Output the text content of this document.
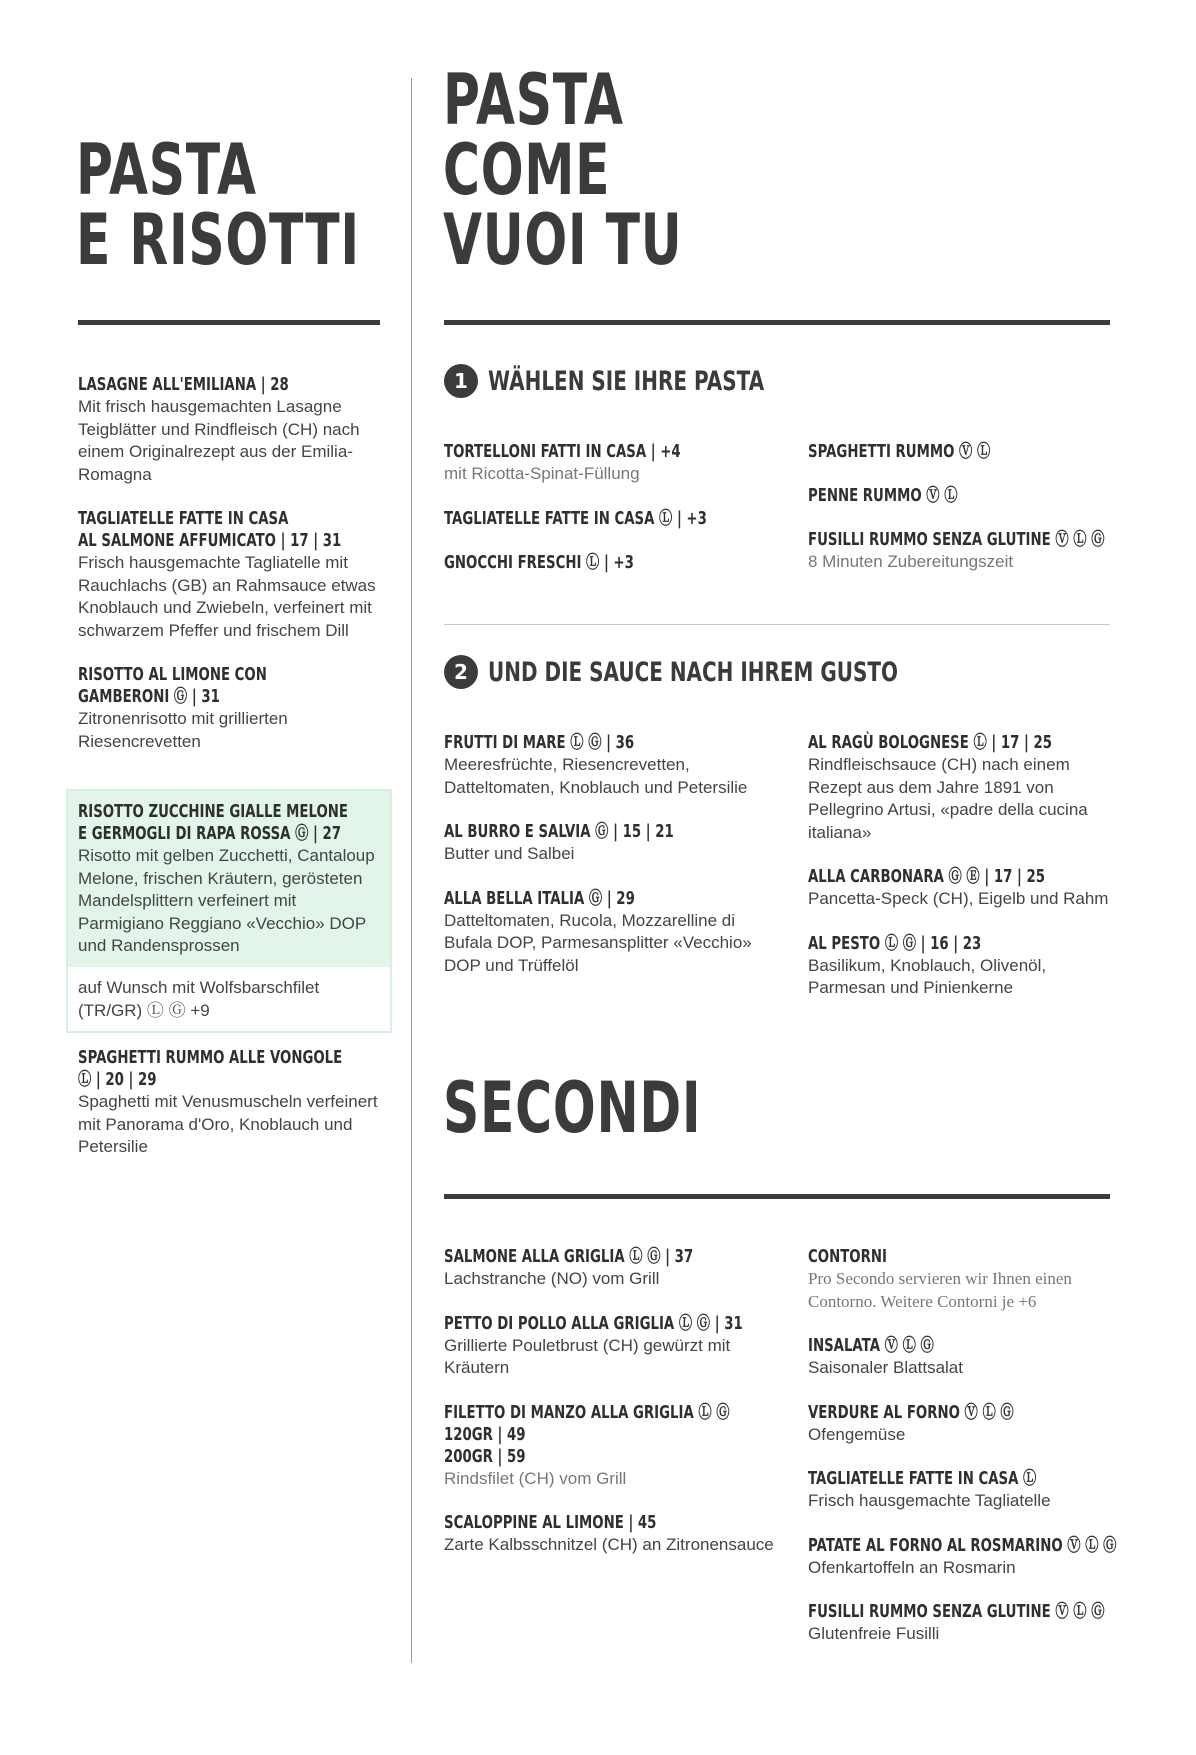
PASTA
E RISOTTI
LASAGNE ALL'EMILIANA | 28
Mit frisch hausgemachten Lasagne Teigblätter und Rindfleisch (CH) nach einem Originalrezept aus der Emilia-Romagna
TAGLIATELLE FATTE IN CASA
AL SALMONE AFFUMICATO | 17 | 31
Frisch hausgemachte Tagliatelle mit Rauchlachs (GB) an Rahmsauce etwas Knoblauch und Zwiebeln, verfeinert mit schwarzem Pfeffer und frischem Dill
RISOTTO AL LIMONE CON
GAMBERONI Ⓖ | 31
Zitronenrisotto mit grillierten Riesencrevetten
RISOTTO ZUCCHINE GIALLE MELONE
E GERMOGLI DI RAPA ROSSA Ⓖ | 27
Risotto mit gelben Zucchetti, Cantaloup Melone, frischen Kräutern, gerösteten Mandelsplittern verfeinert mit Parmigiano Reggiano «Vecchio» DOP und Randensprossen
auf Wunsch mit Wolfsbarschfilet (TR/GR) Ⓛ Ⓖ +9
SPAGHETTI RUMMO ALLE VONGOLE
Ⓛ | 20 | 29
Spaghetti mit Venusmuscheln verfeinert mit Panorama d'Oro, Knoblauch und Petersilie
PASTA
COME
VUOI TU
1 WÄHLEN SIE IHRE PASTA
TORTELLONI FATTI IN CASA | +4
mit Ricotta-Spinat-Füllung
TAGLIATELLE FATTE IN CASA Ⓛ | +3
GNOCCHI FRESCHI Ⓛ | +3
SPAGHETTI RUMMO Ⓥ Ⓛ
PENNE RUMMO Ⓥ Ⓛ
FUSILLI RUMMO SENZA GLUTINE Ⓥ Ⓛ Ⓖ
8 Minuten Zubereitungszeit
2 UND DIE SAUCE NACH IHREM GUSTO
FRUTTI DI MARE Ⓛ Ⓖ | 36
Meeresfrüchte, Riesencrevetten, Datteltomaten, Knoblauch und Petersilie
AL BURRO E SALVIA Ⓖ | 15 | 21
Butter und Salbei
ALLA BELLA ITALIA Ⓖ | 29
Datteltomaten, Rucola, Mozzarelline di Bufala DOP, Parmesansplitter «Vecchio» DOP und Trüffelöl
AL RAGÙ BOLOGNESE Ⓛ | 17 | 25
Rindfleischsauce (CH) nach einem Rezept aus dem Jahre 1891 von Pellegrino Artusi, «padre della cucina italiana»
ALLA CARBONARA Ⓖ Ⓔ | 17 | 25
Pancetta-Speck (CH), Eigelb und Rahm
AL PESTO Ⓛ Ⓖ | 16 | 23
Basilikum, Knoblauch, Olivenöl, Parmesan und Pinienkerne
SECONDI
SALMONE ALLA GRIGLIA Ⓛ Ⓖ | 37
Lachstranche (NO) vom Grill
PETTO DI POLLO ALLA GRIGLIA Ⓛ Ⓖ | 31
Grillierte Pouletbrust (CH) gewürzt mit Kräutern
FILETTO DI MANZO ALLA GRIGLIA Ⓛ Ⓖ
120GR | 49
200GR | 59
Rindsfilet (CH) vom Grill
SCALOPPINE AL LIMONE | 45
Zarte Kalbsschnitzel (CH) an Zitronensauce
CONTORNI
Pro Secondo servieren wir Ihnen einen Contorno. Weitere Contorni je +6
INSALATA Ⓥ Ⓛ Ⓖ
Saisonaler Blattsalat
VERDURE AL FORNO Ⓥ Ⓛ Ⓖ
Ofengemüse
TAGLIATELLE FATTE IN CASA Ⓛ
Frisch hausgemachte Tagliatelle
PATATE AL FORNO AL ROSMARINO Ⓥ Ⓛ Ⓖ
Ofenkartoffeln an Rosmarin
FUSILLI RUMMO SENZA GLUTINE Ⓥ Ⓛ Ⓖ
Glutenfreie Fusilli
